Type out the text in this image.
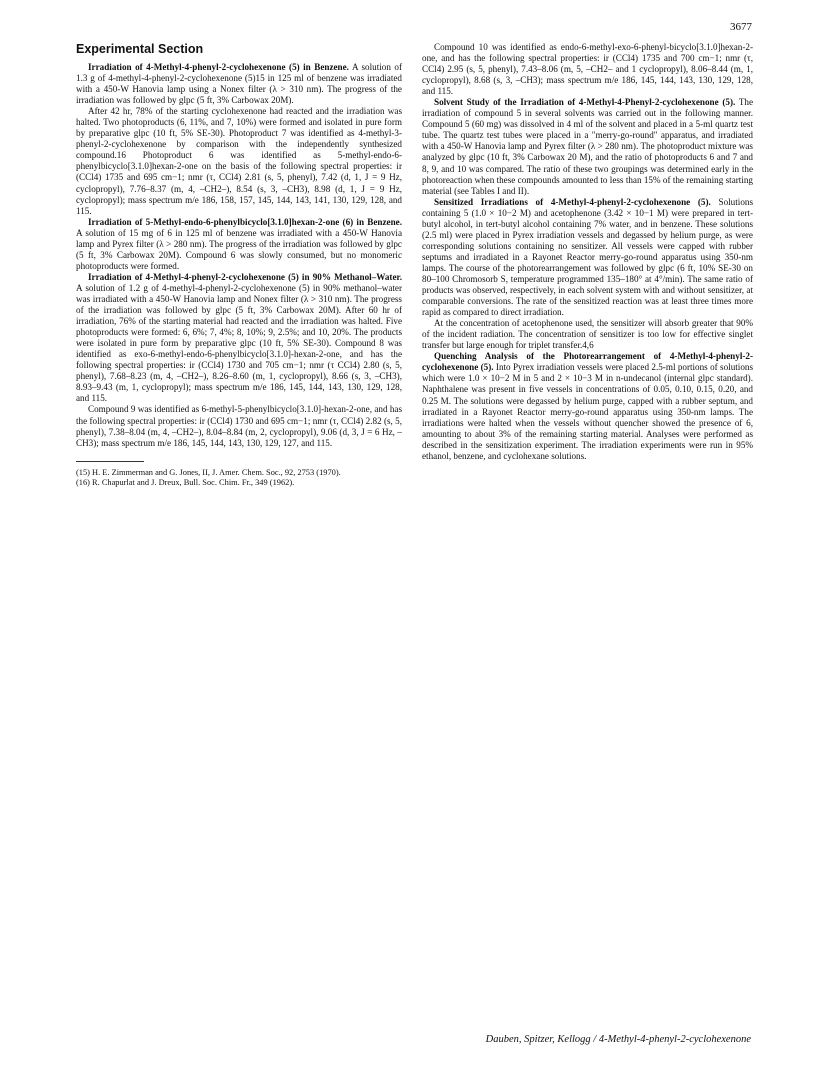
3677
Experimental Section

Irradiation of 4-Methyl-4-phenyl-2-cyclohexenone (5) in Benzene. A solution of 1.3 g of 4-methyl-4-phenyl-2-cyclohexenone (5)15 in 125 ml of benzene was irradiated with a 450-W Hanovia lamp using a Nonex filter (λ > 310 nm). The progress of the irradiation was followed by glpc (5 ft, 3% Carbowax 20M).

After 42 hr, 78% of the starting cyclohexenone had reacted and the irradiation was halted. Two photoproducts (6, 11%, and 7, 10%) were formed and isolated in pure form by preparative glpc (10 ft, 5% SE-30). Photoproduct 7 was identified as 4-methyl-3-phenyl-2-cyclohexenone by comparison with the independently synthesized compound.16 Photoproduct 6 was identified as 5-methyl-endo-6-phenylbicyclo[3.1.0]hexan-2-one on the basis of the following spectral properties: ir (CCl4) 1735 and 695 cm−1; nmr (τ, CCl4) 2.81 (s, 5, phenyl), 7.42 (d, 1, J = 9 Hz, cyclopropyl), 7.76–8.37 (m, 4, –CH2–), 8.54 (s, 3, –CH3), 8.98 (d, 1, J = 9 Hz, cyclopropyl); mass spectrum m/e 186, 158, 157, 145, 144, 143, 141, 130, 129, 128, and 115.

Irradiation of 5-Methyl-endo-6-phenylbicyclo[3.1.0]hexan-2-one (6) in Benzene. A solution of 15 mg of 6 in 125 ml of benzene was irradiated with a 450-W Hanovia lamp and Pyrex filter (λ > 280 nm). The progress of the irradiation was followed by glpc (5 ft, 3% Carbowax 20M). Compound 6 was slowly consumed, but no monomeric photoproducts were formed.

Irradiation of 4-Methyl-4-phenyl-2-cyclohexenone (5) in 90% Methanol–Water. A solution of 1.2 g of 4-methyl-4-phenyl-2-cyclohexenone (5) in 90% methanol–water was irradiated with a 450-W Hanovia lamp and Nonex filter (λ > 310 nm). The progress of the irradiation was followed by glpc (5 ft, 3% Carbowax 20M). After 60 hr of irradiation, 76% of the starting material had reacted and the irradiation was halted. Five photoproducts were formed: 6, 6%; 7, 4%; 8, 10%; 9, 2.5%; and 10, 20%. The products were isolated in pure form by preparative glpc (10 ft, 5% SE-30). Compound 8 was identified as exo-6-methyl-endo-6-phenylbicyclo[3.1.0]-hexan-2-one, and has the following spectral properties: ir (CCl4) 1730 and 705 cm−1; nmr (τ CCl4) 2.80 (s, 5, phenyl), 7.68–8.23 (m, 4, –CH2–), 8.26–8.60 (m, 1, cyclopropyl), 8.66 (s, 3, –CH3), 8.93–9.43 (m, 1, cyclopropyl); mass spectrum m/e 186, 145, 144, 143, 130, 129, 128, and 115.

Compound 9 was identified as 6-methyl-5-phenylbicyclo[3.1.0]-hexan-2-one, and has the following spectral properties: ir (CCl4) 1730 and 695 cm−1; nmr (τ, CCl4) 2.82 (s, 5, phenyl), 7.38–8.04 (m, 4, –CH2–), 8.04–8.84 (m, 2, cyclopropyl), 9.06 (d, 3, J = 6 Hz, –CH3); mass spectrum m/e 186, 145, 144, 143, 130, 129, 127, and 115.

(15) H. E. Zimmerman and G. Jones, II, J. Amer. Chem. Soc., 92, 2753 (1970).

(16) R. Chapurlat and J. Dreux, Bull. Soc. Chim. Fr., 349 (1962).

Compound 10 was identified as endo-6-methyl-exo-6-phenyl-bicyclo[3.1.0]hexan-2-one, and has the following spectral properties: ir (CCl4) 1735 and 700 cm−1; nmr (τ, CCl4) 2.95 (s, 5, phenyl), 7.43–8.06 (m, 5, –CH2– and 1 cyclopropyl), 8.06–8.44 (m, 1, cyclopropyl), 8.68 (s, 3, –CH3); mass spectrum m/e 186, 145, 144, 143, 130, 129, 128, and 115.

Solvent Study of the Irradiation of 4-Methyl-4-Phenyl-2-cyclohexenone (5). The irradiation of compound 5 in several solvents was carried out in the following manner. Compound 5 (60 mg) was dissolved in 4 ml of the solvent and placed in a 5-ml quartz test tube. The quartz test tubes were placed in a "merry-go-round" apparatus, and irradiated with a 450-W Hanovia lamp and Pyrex filter (λ > 280 nm). The photoproduct mixture was analyzed by glpc (10 ft, 3% Carbowax 20 M), and the ratio of photoproducts 6 and 7 and 8, 9, and 10 was compared. The ratio of these two groupings was determined early in the photoreaction when these compounds amounted to less than 15% of the remaining starting material (see Tables I and II).

Sensitized Irradiations of 4-Methyl-4-phenyl-2-cyclohexenone (5). Solutions containing 5 (1.0 × 10−2 M) and acetophenone (3.42 × 10−1 M) were prepared in tert-butyl alcohol, in tert-butyl alcohol containing 7% water, and in benzene. These solutions (2.5 ml) were placed in Pyrex irradiation vessels and degassed by helium purge, as were corresponding solutions containing no sensitizer. All vessels were capped with rubber septums and irradiated in a Rayonet Reactor merry-go-round apparatus using 350-nm lamps. The course of the photorearrangement was followed by glpc (6 ft, 10% SE-30 on 80–100 Chromosorb S, temperature programmed 135–180° at 4°/min). The same ratio of products was observed, respectively, in each solvent system with and without sensitizer, at comparable conversions. The rate of the sensitized reaction was at least three times more rapid as compared to direct irradiation.

At the concentration of acetophenone used, the sensitizer will absorb greater that 90% of the incident radiation. The concentration of sensitizer is too low for effective singlet transfer but large enough for triplet transfer.4,6

Quenching Analysis of the Photorearrangement of 4-Methyl-4-phenyl-2-cyclohexenone (5). Into Pyrex irradiation vessels were placed 2.5-ml portions of solutions which were 1.0 × 10−2 M in 5 and 2 × 10−3 M in n-undecanol (internal glpc standard). Naphthalene was present in five vessels in concentrations of 0.05, 0.10, 0.15, 0.20, and 0.25 M. The solutions were degassed by helium purge, capped with a rubber septum, and irradiated in a Rayonet Reactor merry-go-round apparatus using 350-nm lamps. The irradiations were halted when the vessels without quencher showed the presence of 6, amounting to about 3% of the remaining starting material. Analyses were performed as described in the sensitization experiment. The irradiation experiments were run in 95% ethanol, benzene, and cyclohexane solutions.

Dauben, Spitzer, Kellogg / 4-Methyl-4-phenyl-2-cyclohexenone
